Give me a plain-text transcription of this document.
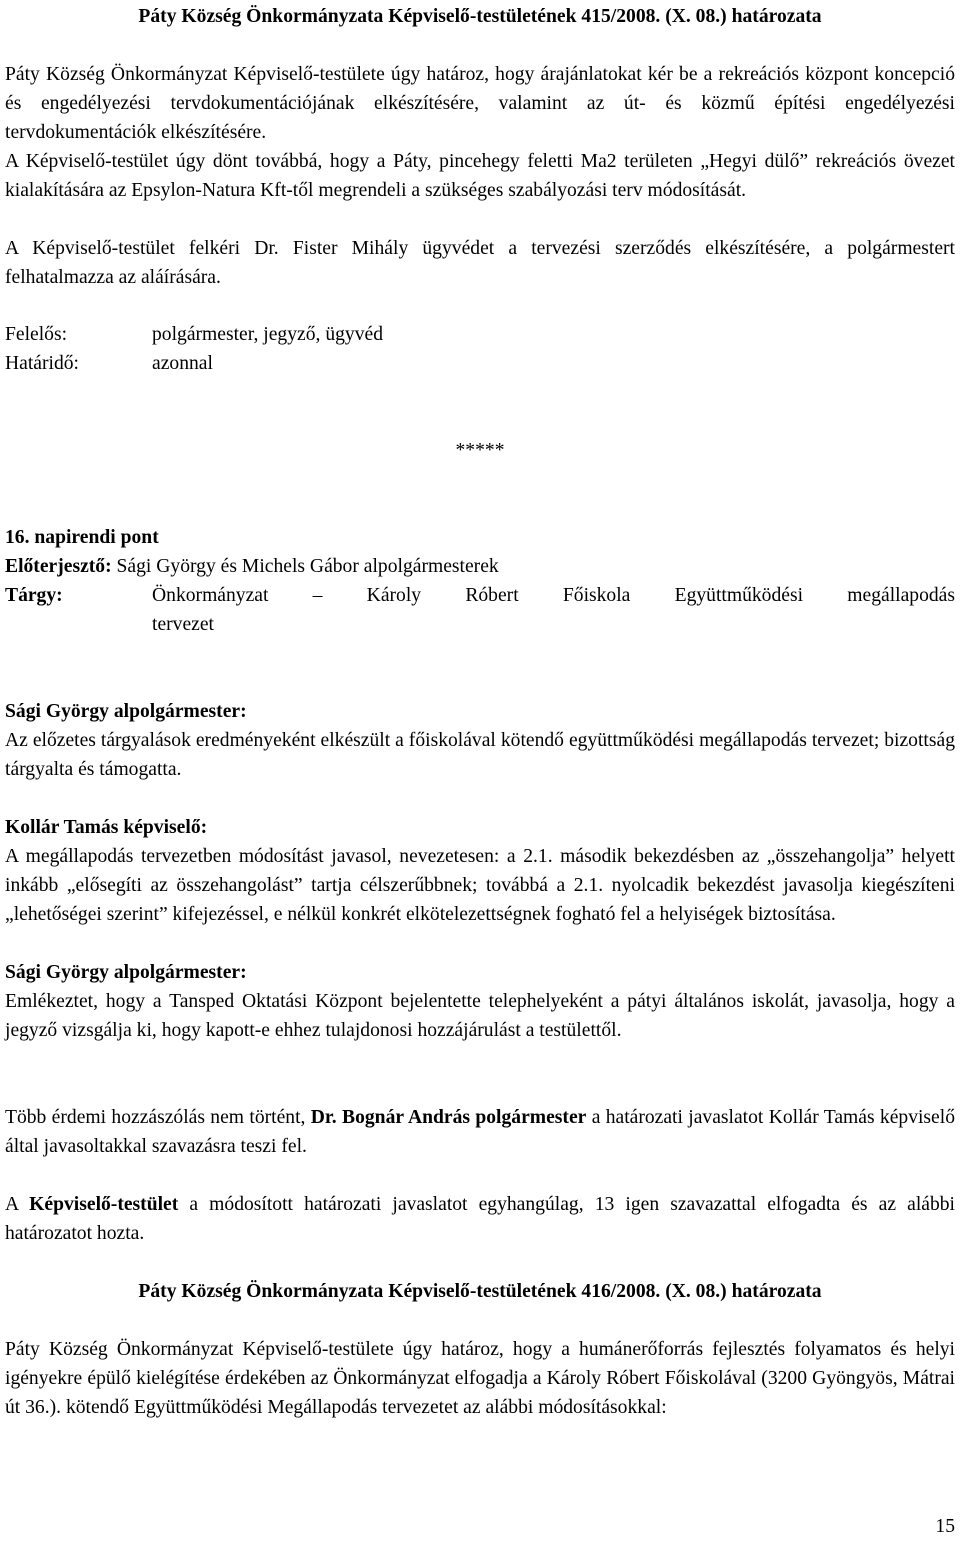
Páty Község Önkormányzata Képviselő-testületének 415/2008. (X. 08.) határozata

Páty Község Önkormányzat Képviselő-testülete úgy határoz, hogy árajánlatokat kér be a rekreációs központ koncepció és engedélyezési tervdokumentációjának elkészítésére, valamint az út- és közmű építési engedélyezési tervdokumentációk elkészítésére.

A Képviselő-testület úgy dönt továbbá, hogy a Páty, pincehegy feletti Ma2 területen „Hegyi dülő” rekreációs övezet kialakítására az Epsylon-Natura Kft-től megrendeli a szükséges szabályozási terv módosítását.

A Képviselő-testület felkéri Dr. Fister Mihály ügyvédet a tervezési szerződés elkészítésére, a polgármestert felhatalmazza az aláírására.

Felelős:	polgármester, jegyző, ügyvéd
Határidő:	azonnal
*****
16. napirendi pont
Előterjesztő: Sági György és Michels Gábor alpolgármesterek
Tárgy:	Önkormányzat – Károly Róbert Főiskola Együttműködési megállapodás
tervezet
Sági György alpolgármester:

Az előzetes tárgyalások eredményeként elkészült a főiskolával kötendő együttműködési megállapodás tervezet; bizottság tárgyalta és támogatta.

Kollár Tamás képviselő:

A megállapodás tervezetben módosítást javasol, nevezetesen: a 2.1. második bekezdésben az „összehangolja” helyett inkább „elősegíti az összehangolást” tartja célszerűbbnek; továbbá a 2.1. nyolcadik bekezdést javasolja kiegészíteni „lehetőségei szerint” kifejezéssel, e nélkül konkrét elkötelezettségnek fogható fel a helyiségek biztosítása.

Sági György alpolgármester:

Emlékeztet, hogy a Tansped Oktatási Központ bejelentette telephelyeként a pátyi általános iskolát, javasolja, hogy a jegyző vizsgálja ki, hogy kapott-e ehhez tulajdonosi hozzájárulást a testülettől.

Több érdemi hozzászólás nem történt, Dr. Bognár András polgármester a határozati javaslatot Kollár Tamás képviselő által javasoltakkal szavazásra teszi fel.

A Képviselő-testület a módosított határozati javaslatot egyhangúlag, 13 igen szavazattal elfogadta és az alábbi határozatot hozta.

Páty Község Önkormányzata Képviselő-testületének 416/2008. (X. 08.) határozata

Páty Község Önkormányzat Képviselő-testülete úgy határoz, hogy a humánerőforrás fejlesztés folyamatos és helyi igényekre épülő kielégítése érdekében az Önkormányzat elfogadja a Károly Róbert Főiskolával (3200 Gyöngyös, Mátrai út 36.). kötendő Együttműködési Megállapodás tervezetet az alábbi módosításokkal:

15
